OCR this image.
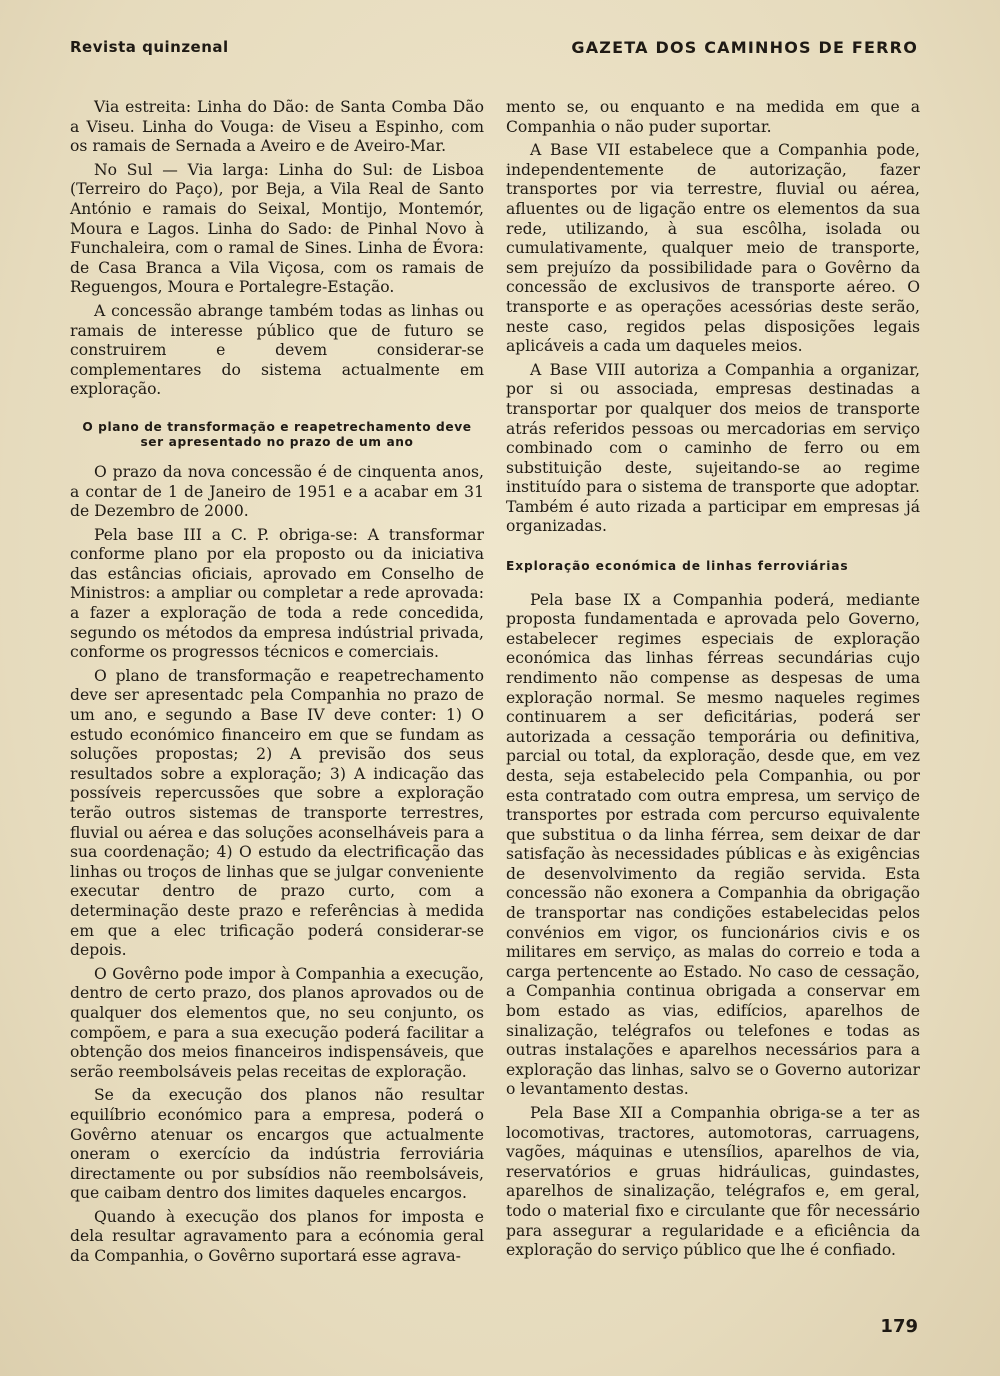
Revista quinzenal	GAZETA DOS CAMINHOS DE FERRO

Via estreita: Linha do Dão: de Santa Comba Dão a Viseu. Linha do Vouga: de Viseu a Espinho, com os ramais de Sernada a Aveiro e de Aveiro-Mar.

No Sul — Via larga: Linha do Sul: de Lisboa (Terreiro do Paço), por Beja, a Vila Real de Santo António e ramais do Seixal, Montijo, Montemór, Moura e Lagos. Linha do Sado: de Pinhal Novo à Funchaleira, com o ramal de Sines. Linha de Évora: de Casa Branca a Vila Viçosa, com os ramais de Reguengos, Moura e Portalegre-Estação.

A concessão abrange também todas as linhas ou ramais de interesse público que de futuro se construirem e devem considerar-se complementares do sistema actualmente em exploração.

O plano de transformação e reapetrechamento deve ser apresentado no prazo de um ano

O prazo da nova concessão é de cinquenta anos, a contar de 1 de Janeiro de 1951 e a acabar em 31 de Dezembro de 2000.

Pela base III a C. P. obriga-se: A transformar conforme plano por ela proposto ou da iniciativa das estâncias oficiais, aprovado em Conselho de Ministros: a ampliar ou completar a rede aprovada: a fazer a exploração de toda a rede concedida, segundo os métodos da empresa indústrial privada, conforme os progressos técnicos e comerciais.

O plano de transformação e reapetrechamento deve ser apresentadc pela Companhia no prazo de um ano, e segundo a Base IV deve conter: 1) O estudo económico financeiro em que se fundam as soluções propostas; 2) A previsão dos seus resultados sobre a exploração; 3) A indicação das possíveis repercussões que sobre a exploração terão outros sistemas de transporte terrestres, fluvial ou aérea e das soluções aconselháveis para a sua coordenação; 4) O estudo da electrificação das linhas ou troços de linhas que se julgar conveniente executar dentro de prazo curto, com a determinação deste prazo e referências à medida em que a elec trificação poderá considerar-se depois.

O Govêrno pode impor à Companhia a execução, dentro de certo prazo, dos planos aprovados ou de qualquer dos elementos que, no seu conjunto, os compõem, e para a sua execução poderá facilitar a obtenção dos meios financeiros indispensáveis, que serão reembolsáveis pelas receitas de exploração.

Se da execução dos planos não resultar equilíbrio económico para a empresa, poderá o Govêrno atenuar os encargos que actualmente oneram o exercício da indústria ferroviária directamente ou por subsídios não reembolsáveis, que caibam dentro dos limites daqueles encargos.

Quando à execução dos planos for imposta e dela resultar agravamento para a ecónomia geral da Companhia, o Govêrno suportará esse agrava-

mento se, ou enquanto e na medida em que a Companhia o não puder suportar.

A Base VII estabelece que a Companhia pode, independentemente de autorização, fazer transportes por via terrestre, fluvial ou aérea, afluentes ou de ligação entre os elementos da sua rede, utilizando, à sua escôlha, isolada ou cumulativamente, qualquer meio de transporte, sem prejuízo da possibilidade para o Govêrno da concessão de exclusivos de transporte aéreo. O transporte e as operações acessórias deste serão, neste caso, regidos pelas disposições legais aplicáveis a cada um daqueles meios.

A Base VIII autoriza a Companhia a organizar, por si ou associada, empresas destinadas a transportar por qualquer dos meios de transporte atrás referidos pessoas ou mercadorias em serviço combinado com o caminho de ferro ou em substituição deste, sujeitando-se ao regime instituído para o sistema de transporte que adoptar. Também é auto rizada a participar em empresas já organizadas.

Exploração económica de linhas ferroviárias

Pela base IX a Companhia poderá, mediante proposta fundamentada e aprovada pelo Governo, estabelecer regimes especiais de exploração económica das linhas férreas secundárias cujo rendimento não compense as despesas de uma exploração normal. Se mesmo naqueles regimes continuarem a ser deficitárias, poderá ser autorizada a cessação temporária ou definitiva, parcial ou total, da exploração, desde que, em vez desta, seja estabelecido pela Companhia, ou por esta contratado com outra empresa, um serviço de transportes por estrada com percurso equivalente que substitua o da linha férrea, sem deixar de dar satisfação às necessidades públicas e às exigências de desenvolvimento da região servida. Esta concessão não exonera a Companhia da obrigação de transportar nas condições estabelecidas pelos convénios em vigor, os funcionários civis e os militares em serviço, as malas do correio e toda a carga pertencente ao Estado. No caso de cessação, a Companhia continua obrigada a conservar em bom estado as vias, edifícios, aparelhos de sinalização, telégrafos ou telefones e todas as outras instalações e aparelhos necessários para a exploração das linhas, salvo se o Governo autorizar o levantamento destas.

Pela Base XII a Companhia obriga-se a ter as locomotivas, tractores, automotoras, carruagens, vagões, máquinas e utensílios, aparelhos de via, reservatórios e gruas hidráulicas, guindastes, aparelhos de sinalização, telégrafos e, em geral, todo o material fixo e circulante que fôr necessário para assegurar a regularidade e a eficiência da exploração do serviço público que lhe é confiado.

179
